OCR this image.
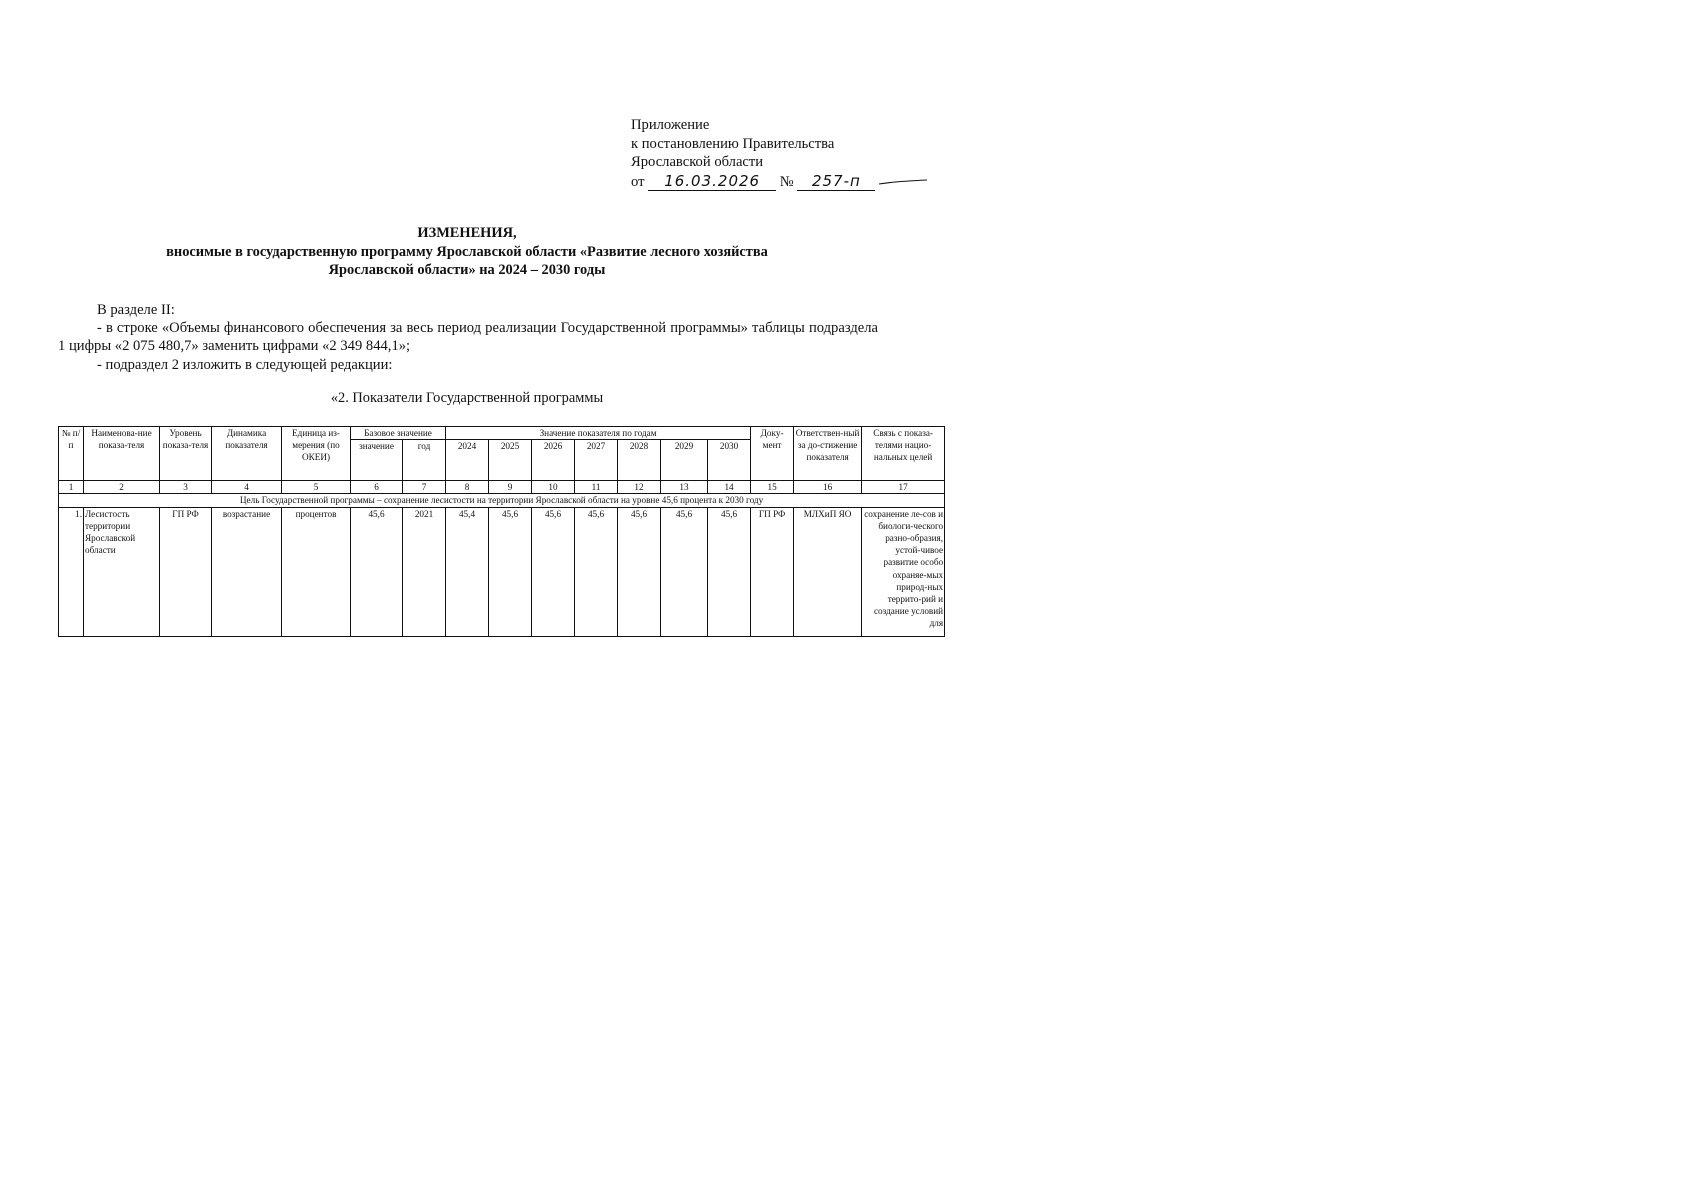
Приложение
к постановлению Правительства
Ярославской области
от 16.03.2026 № 257-п
ИЗМЕНЕНИЯ,
вносимые в государственную программу Ярославской области «Развитие лесного хозяйства
Ярославской области» на 2024 – 2030 годы

В разделе II:

- в строке «Объемы финансового обеспечения за весь период реализации Государственной программы» таблицы подраздела 1 цифры «2 075 480,7» заменить цифрами «2 349 844,1»;

- подраздел 2 изложить в следующей редакции:

«2. Показатели Государственной программы
№ п/п	Наименова-ние показа-теля	Уровень показа-теля	Динамика показателя	Единица из-мерения (по ОКЕИ)	Базовое значение		Значение показателя по годам							Доку-мент	Ответствен-ный за до-стижение показателя	Связь с показа-телями нацио-нальных целей
					значение	год	2024	2025	2026	2027	2028	2029	2030			
1	2	3	4	5	6	7	8	9	10	11	12	13	14	15	16	17
Цель Государственной программы – сохранение лесистости на территории Ярославской области на уровне 45,6 процента к 2030 году																
1.	Лесистость территории Ярославской области	ГП РФ	возрастание	процентов	45,6	2021	45,4	45,6	45,6	45,6	45,6	45,6	45,6	ГП РФ	МЛХиП ЯО	сохранение ле-сов и биологи-ческого разно-образия, устой-чивое развитие особо охраняе-мых природ-ных террито-рий и создание условий для
